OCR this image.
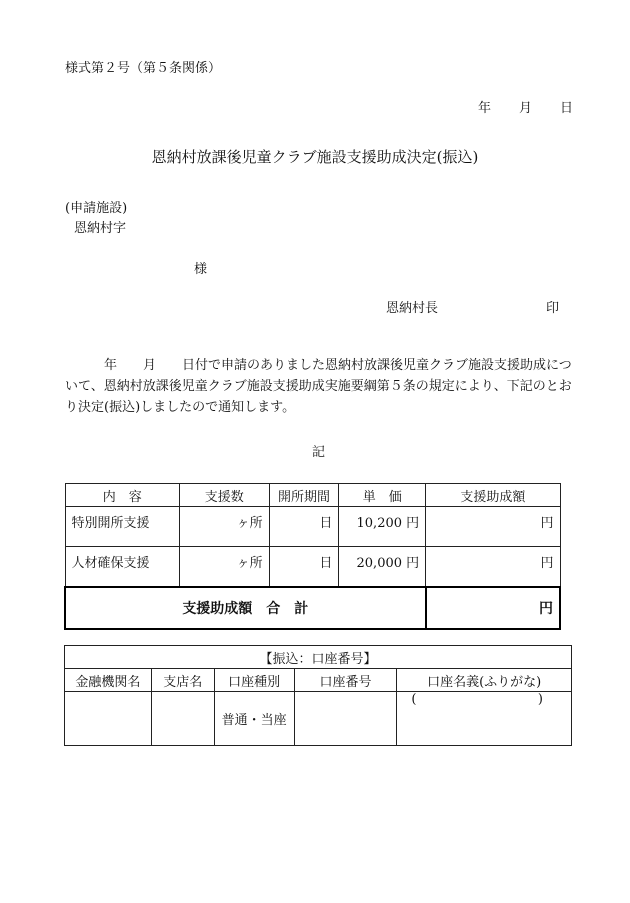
様式第２号（第５条関係）
年 月 日
恩納村放課後児童クラブ施設支援助成決定(振込)
(申請施設)
恩納村字
様
恩納村長	印
　　　年　　月　　日付で申請のありました恩納村放課後児童クラブ施設支援助成について、恩納村放課後児童クラブ施設支援助成実施要綱第５条の規定により、下記のとおり決定(振込)しましたので通知します。
記
内　容	支援数	開所期間	単　価	支援助成額
特別開所支援	ヶ所	日	10,200 円	円
人材確保支援	ヶ所	日	20,000 円	円
支援助成額　合　計				円
【振込：口座番号】				
金融機関名	支店名	口座種別	口座番号	口座名義(ふりがな)
		普通・当座		( )
